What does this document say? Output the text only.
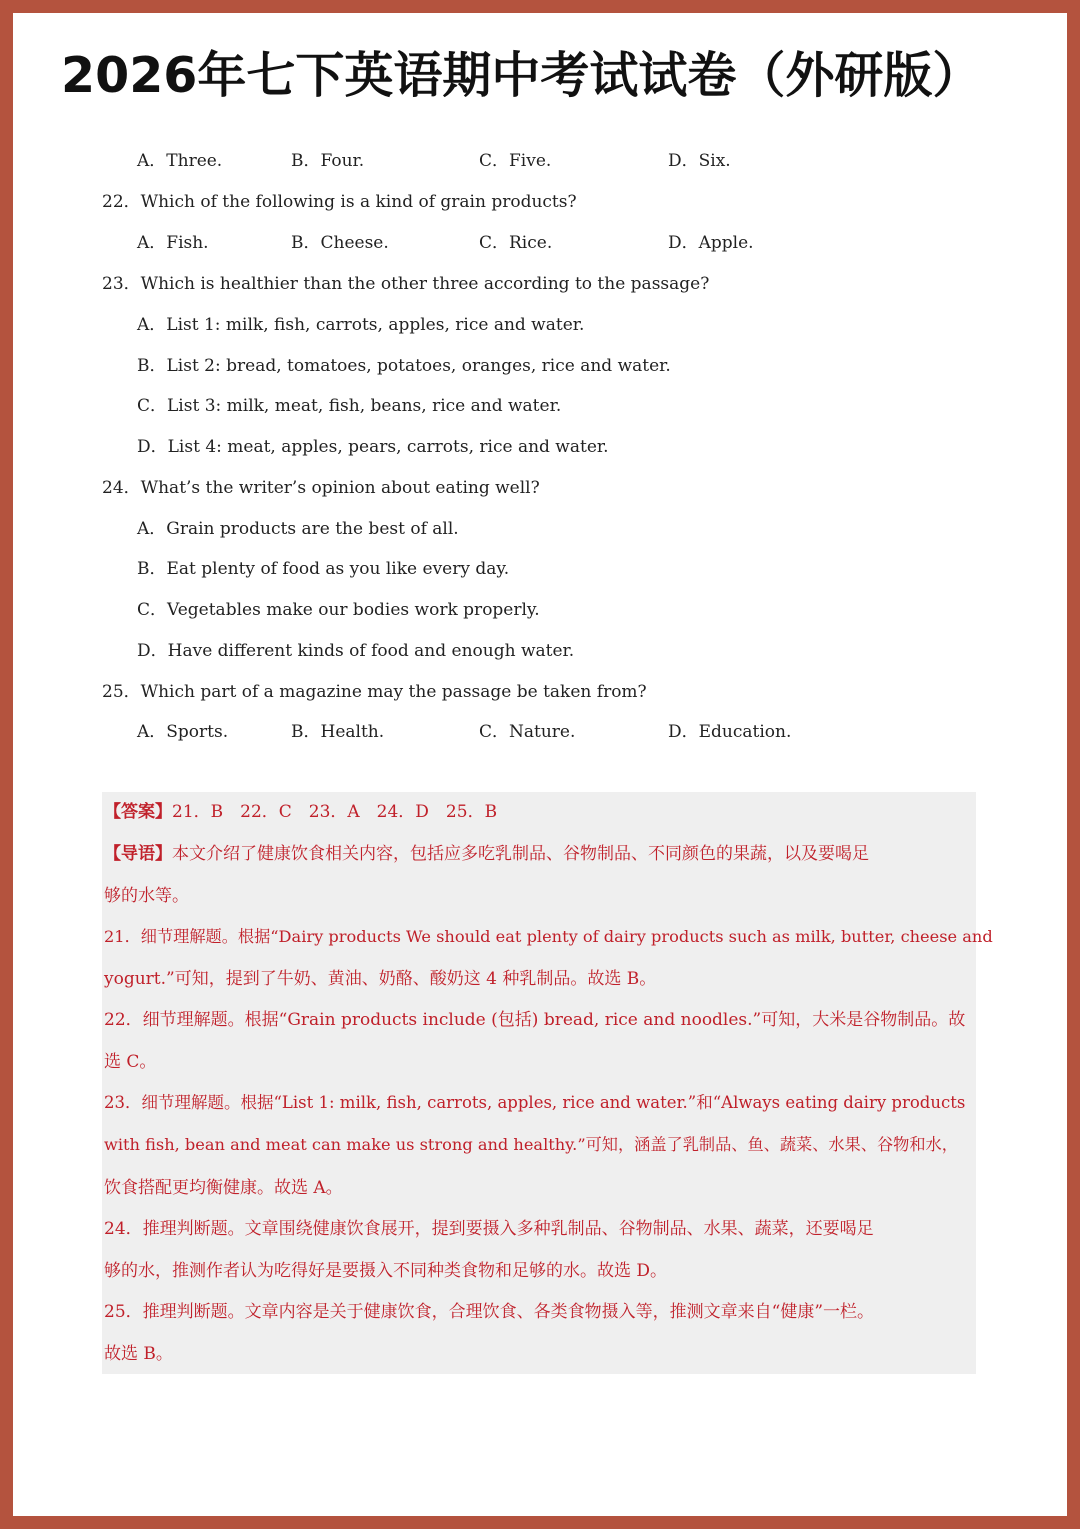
2026年七下英语期中考试试卷（外研版）
A．Three.	B．Four.	C．Five.	D．Six.
22．Which of the following is a kind of grain products?
A．Fish.	B．Cheese.	C．Rice.	D．Apple.
23．Which is healthier than the other three according to the passage?
A．List 1: milk, fish, carrots, apples, rice and water.
B．List 2: bread, tomatoes, potatoes, oranges, rice and water.
C．List 3: milk, meat, fish, beans, rice and water.
D．List 4: meat, apples, pears, carrots, rice and water.
24．What’s the writer’s opinion about eating well?
A．Grain products are the best of all.
B．Eat plenty of food as you like every day.
C．Vegetables make our bodies work properly.
D．Have different kinds of food and enough water.
25．Which part of a magazine may the passage be taken from?
A．Sports.	B．Health.	C．Nature.	D．Education.
【答案】21．B　22．C　23．A　24．D　25．B
【导语】本文介绍了健康饮食相关内容，包括应多吃乳制品、谷物制品、不同颜色的果蔬，以及要喝足
够的水等。
21．细节理解题。根据“Dairy products We should eat plenty of dairy products such as milk, butter, cheese and
yogurt.”可知，提到了牛奶、黄油、奶酪、酸奶这 4 种乳制品。故选 B。
22．细节理解题。根据“Grain products include (包括) bread, rice and noodles.”可知，大米是谷物制品。故
选 C。
23．细节理解题。根据“List 1: milk, fish, carrots, apples, rice and water.”和“Always eating dairy products
with fish, bean and meat can make us strong and healthy.”可知，涵盖了乳制品、鱼、蔬菜、水果、谷物和水，
饮食搭配更均衡健康。故选 A。
24．推理判断题。文章围绕健康饮食展开，提到要摄入多种乳制品、谷物制品、水果、蔬菜，还要喝足
够的水，推测作者认为吃得好是要摄入不同种类食物和足够的水。故选 D。
25．推理判断题。文章内容是关于健康饮食，合理饮食、各类食物摄入等，推测文章来自“健康”一栏。
故选 B。
